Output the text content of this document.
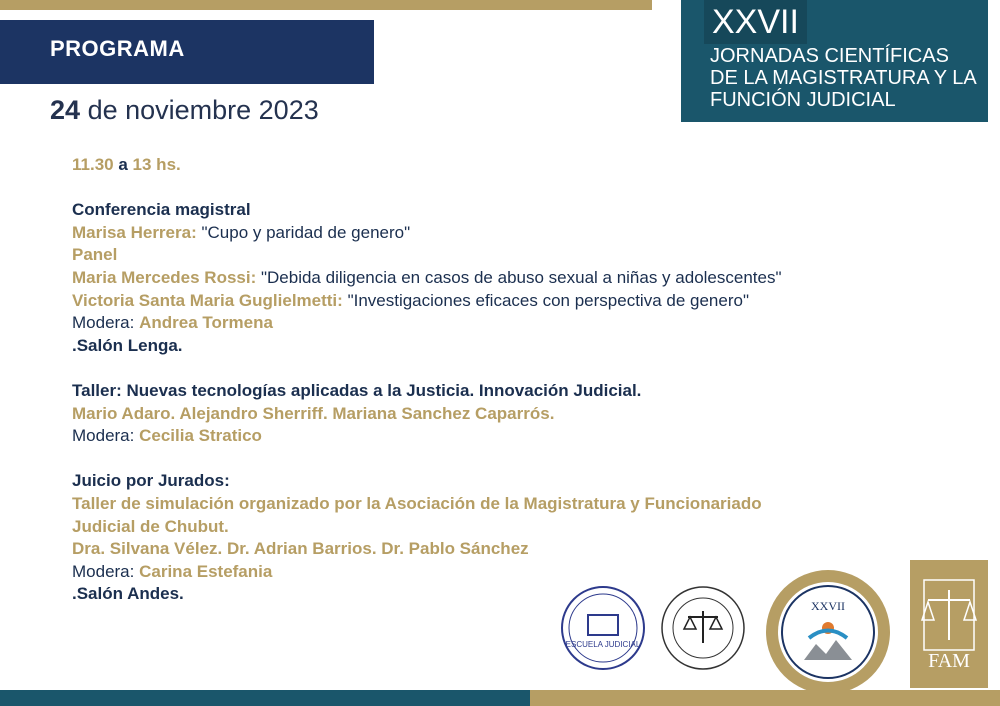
PROGRAMA
24 de noviembre 2023
XXVII
JORNADAS CIENTÍFICAS DE LA MAGISTRATURA Y LA FUNCIÓN JUDICIAL
11.30 a 13 hs.
Conferencia magistral
Marisa Herrera: "Cupo y paridad de genero"
Panel
Maria Mercedes Rossi: "Debida diligencia en casos de abuso sexual a niñas y adolescentes"
Victoria Santa Maria Guglielmetti: "Investigaciones eficaces con perspectiva de genero"
Modera: Andrea Tormena
.Salón Lenga.
Taller: Nuevas tecnologías aplicadas a la Justicia. Innovación Judicial.
Mario Adaro. Alejandro Sherriff. Mariana Sanchez Caparrós.
Modera: Cecilia Stratico
Juicio por Jurados:
Taller de simulación organizado por la Asociación de la Magistratura y Funcionariado
Judicial de Chubut.
Dra. Silvana Vélez. Dr. Adrian Barrios. Dr. Pablo Sánchez
Modera: Carina Estefania
.Salón Andes.
ESCUELA JUDICIAL
XXVII
FAM
